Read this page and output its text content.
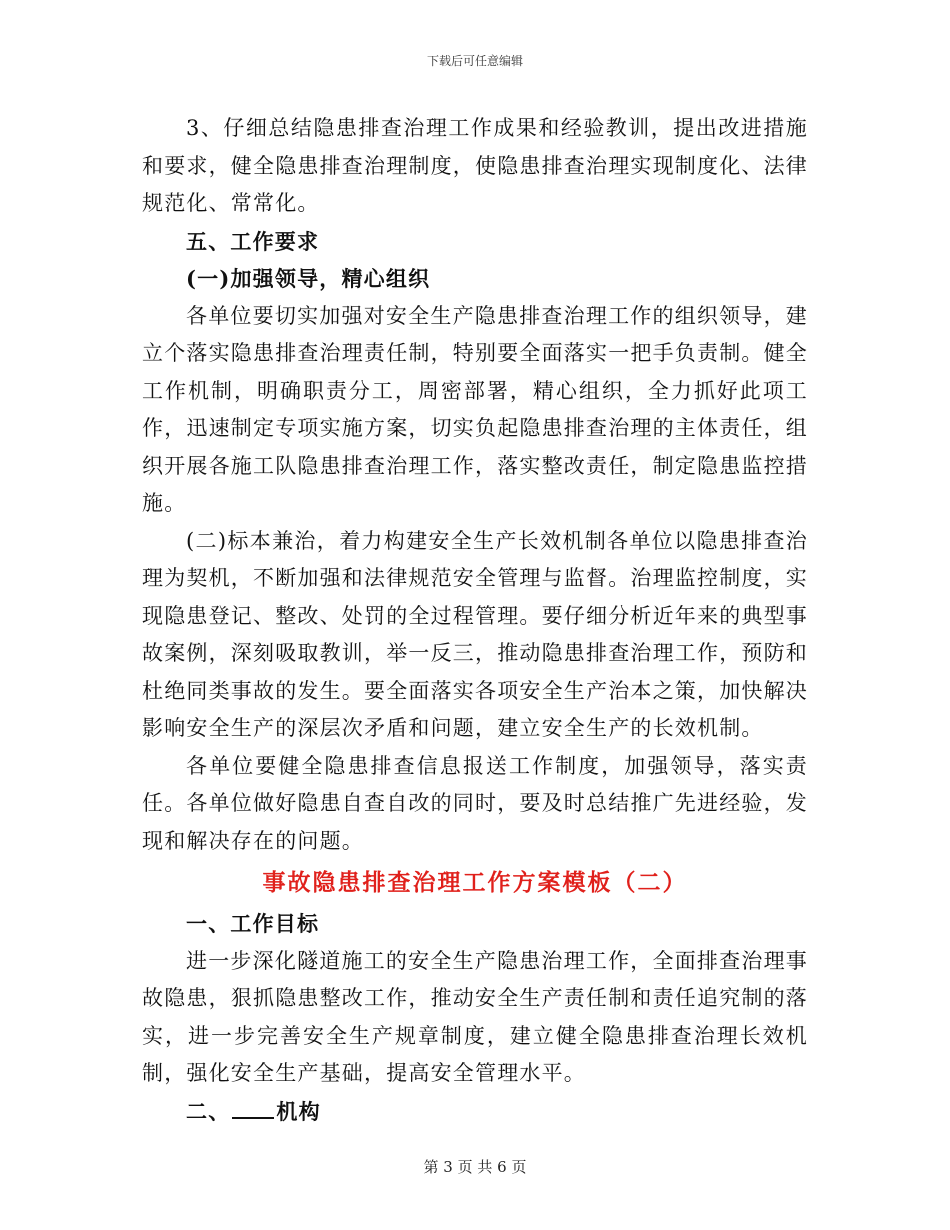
下载后可任意编辑

3、仔细总结隐患排查治理工作成果和经验教训，提出改进措施和要求，健全隐患排查治理制度，使隐患排查治理实现制度化、法律规范化、常常化。

五、工作要求

(一)加强领导，精心组织

各单位要切实加强对安全生产隐患排查治理工作的组织领导，建立个落实隐患排查治理责任制，特别要全面落实一把手负责制。健全工作机制，明确职责分工，周密部署，精心组织，全力抓好此项工作，迅速制定专项实施方案，切实负起隐患排查治理的主体责任，组织开展各施工队隐患排查治理工作，落实整改责任，制定隐患监控措施。

(二)标本兼治，着力构建安全生产长效机制各单位以隐患排查治理为契机，不断加强和法律规范安全管理与监督。治理监控制度，实现隐患登记、整改、处罚的全过程管理。要仔细分析近年来的典型事故案例，深刻吸取教训，举一反三，推动隐患排查治理工作，预防和杜绝同类事故的发生。要全面落实各项安全生产治本之策，加快解决影响安全生产的深层次矛盾和问题，建立安全生产的长效机制。

各单位要健全隐患排查信息报送工作制度，加强领导，落实责任。各单位做好隐患自查自改的同时，要及时总结推广先进经验，发现和解决存在的问题。

事故隐患排查治理工作方案模板（二）

一、工作目标

进一步深化隧道施工的安全生产隐患治理工作，全面排查治理事故隐患，狠抓隐患整改工作，推动安全生产责任制和责任追究制的落实，进一步完善安全生产规章制度，建立健全隐患排查治理长效机制，强化安全生产基础，提高安全管理水平。

二、 机构

第 3 页 共 6 页
